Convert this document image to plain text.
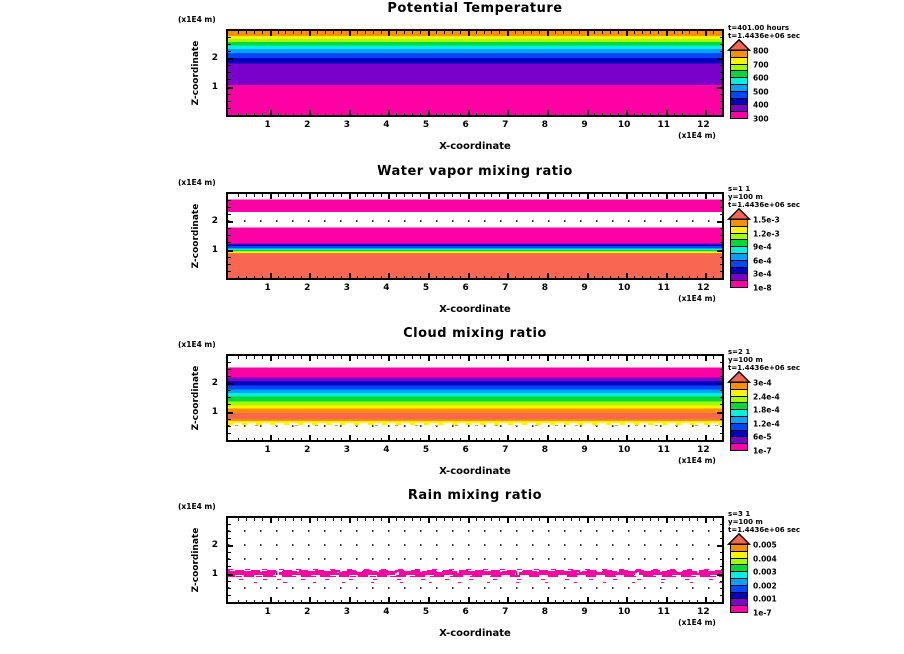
Potential Temperature
(x1E4 m)
Z-coordinate	2
1
1	2	3	4	5	6	7	8	9	10	11	12
(x1E4 m)
X-coordinate
t=401.00 hours
t=1.4436e+06 sec
800
700
600
500
400
300
Water vapor mixing ratio
(x1E4 m)
Z-coordinate	2
1
1	2	3	4	5	6	7	8	9	10	11	12
(x1E4 m)
X-coordinate
s=1 1
y=100 m
t=1.4436e+06 sec
1.5e-3
1.2e-3
9e-4
6e-4
3e-4
1e-8
Cloud mixing ratio
(x1E4 m)
Z-coordinate	2
1
1	2	3	4	5	6	7	8	9	10	11	12
(x1E4 m)
X-coordinate
s=2 1
y=100 m
t=1.4436e+06 sec
3e-4
2.4e-4
1.8e-4
1.2e-4
6e-5
1e-7
Rain mixing ratio
(x1E4 m)
Z-coordinate	2
1
1	2	3	4	5	6	7	8	9	10	11	12
(x1E4 m)
X-coordinate
s=3 1
y=100 m
t=1.4436e+06 sec
0.005
0.004
0.003
0.002
0.001
1e-7
